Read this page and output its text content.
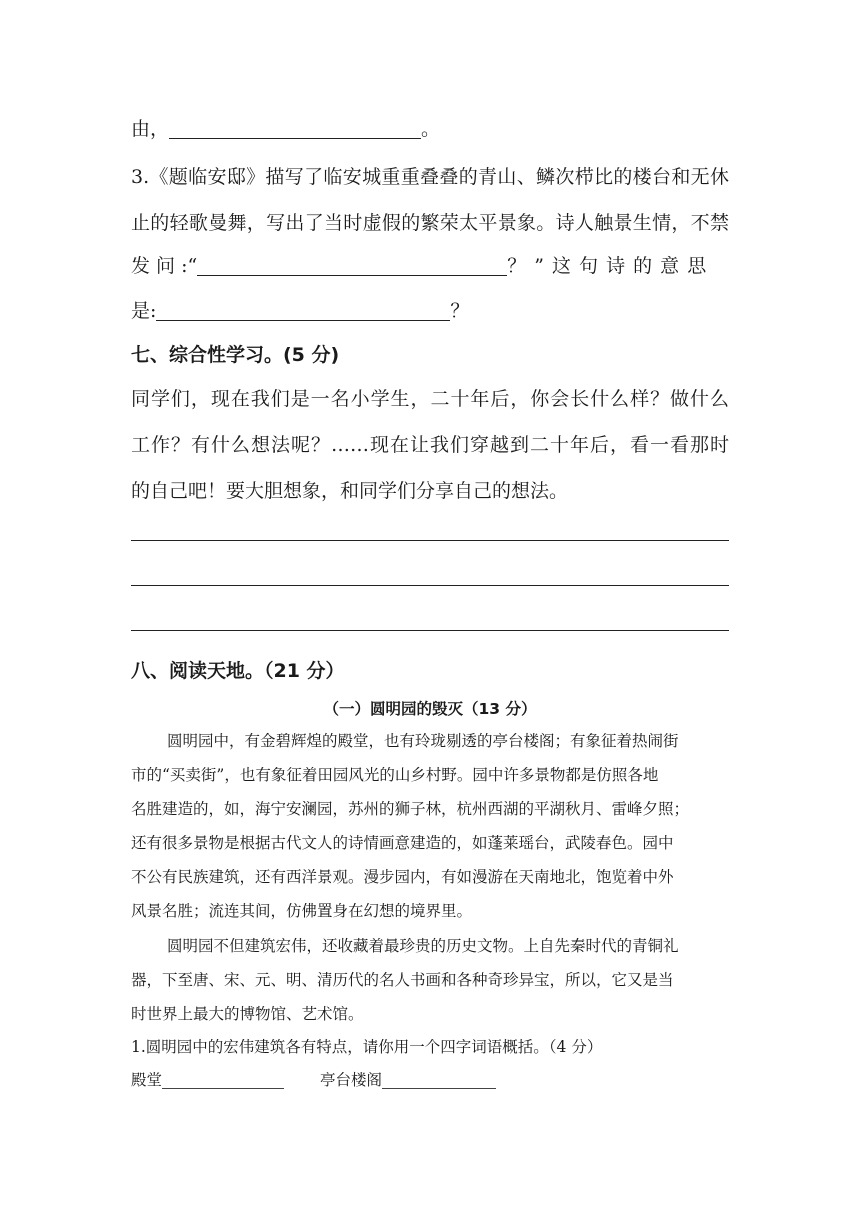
由，	。
3.《题临安邸》描写了临安城重重叠叠的青山、鳞次栉比的楼台和无休
止的轻歌曼舞，写出了当时虚假的繁荣太平景象。诗人触景生情，不禁
发 问 :“	？ ” 这 句 诗 的 意 思
是:	？
七、综合性学习。(5 分)
同学们，现在我们是一名小学生，二十年后，你会长什么样？做什么
工作？有什么想法呢？……现在让我们穿越到二十年后，看一看那时
的自己吧！要大胆想象，和同学们分享自己的想法。
八、阅读天地。（21 分）
（一）圆明园的毁灭（13 分）
圆明园中，有金碧辉煌的殿堂，也有玲珑剔透的亭台楼阁；有象征着热闹街
市的“买卖街”，也有象征着田园风光的山乡村野。园中许多景物都是仿照各地
名胜建造的，如，海宁安澜园，苏州的狮子林，杭州西湖的平湖秋月、雷峰夕照；
还有很多景物是根据古代文人的诗情画意建造的，如蓬莱瑶台，武陵春色。园中
不公有民族建筑，还有西洋景观。漫步园内，有如漫游在天南地北，饱览着中外
风景名胜；流连其间，仿佛置身在幻想的境界里。
圆明园不但建筑宏伟，还收藏着最珍贵的历史文物。上自先秦时代的青铜礼
器，下至唐、宋、元、明、清历代的名人书画和各种奇珍异宝，所以，它又是当
时世界上最大的博物馆、艺术馆。
1.圆明园中的宏伟建筑各有特点，请你用一个四字词语概括。（4 分）
殿堂	亭台楼阁
